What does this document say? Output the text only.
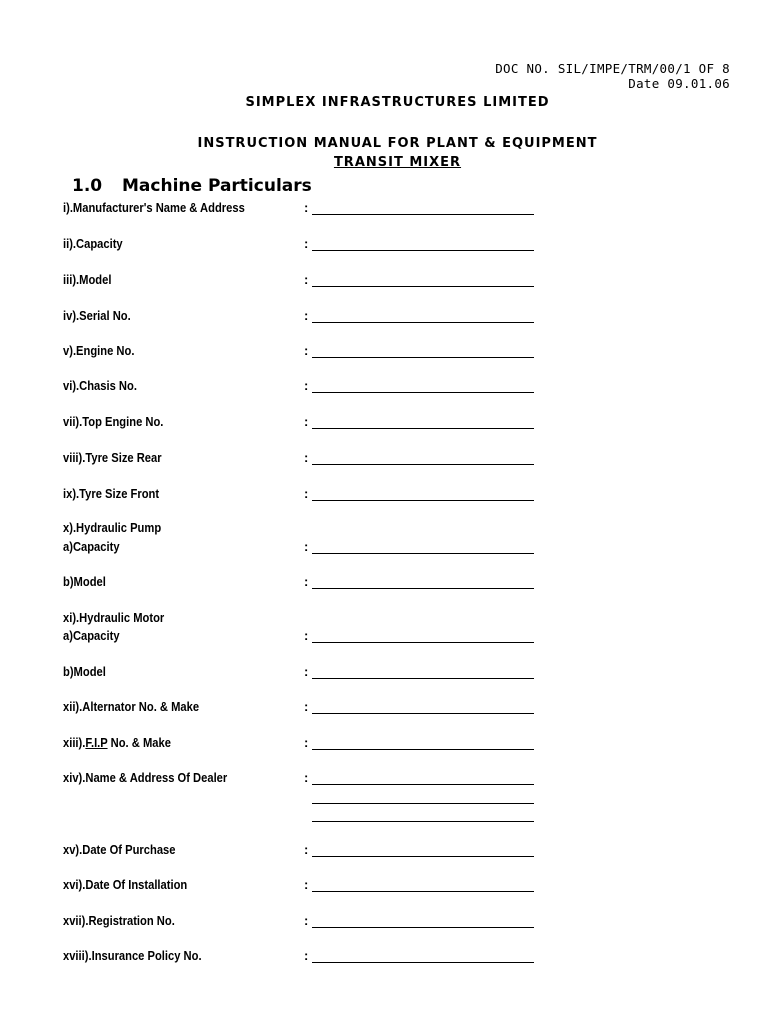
DOC NO. SIL/IMPE/TRM/00/1 OF 8
Date 09.01.06
SIMPLEX INFRASTRUCTURES LIMITED
INSTRUCTION MANUAL FOR PLANT & EQUIPMENT
TRANSIT MIXER
1.0 Machine Particulars
i).Manufacturer's Name & Address	:
ii).Capacity	:
iii).Model	:
iv).Serial No.	:
v).Engine No.	:
vi).Chasis No.	:
vii).Top Engine No.	:
viii).Tyre Size Rear	:
ix).Tyre Size Front	:
x).Hydraulic Pump
a)Capacity	:
b)Model	:
xi).Hydraulic Motor
a)Capacity	:
b)Model	:
xii).Alternator No. & Make	:
xiii).F.I.P No. & Make	:
xiv).Name & Address Of Dealer	:
xv).Date Of Purchase	:
xvi).Date Of Installation	:
xvii).Registration No.	:
xviii).Insurance Policy No.	:
